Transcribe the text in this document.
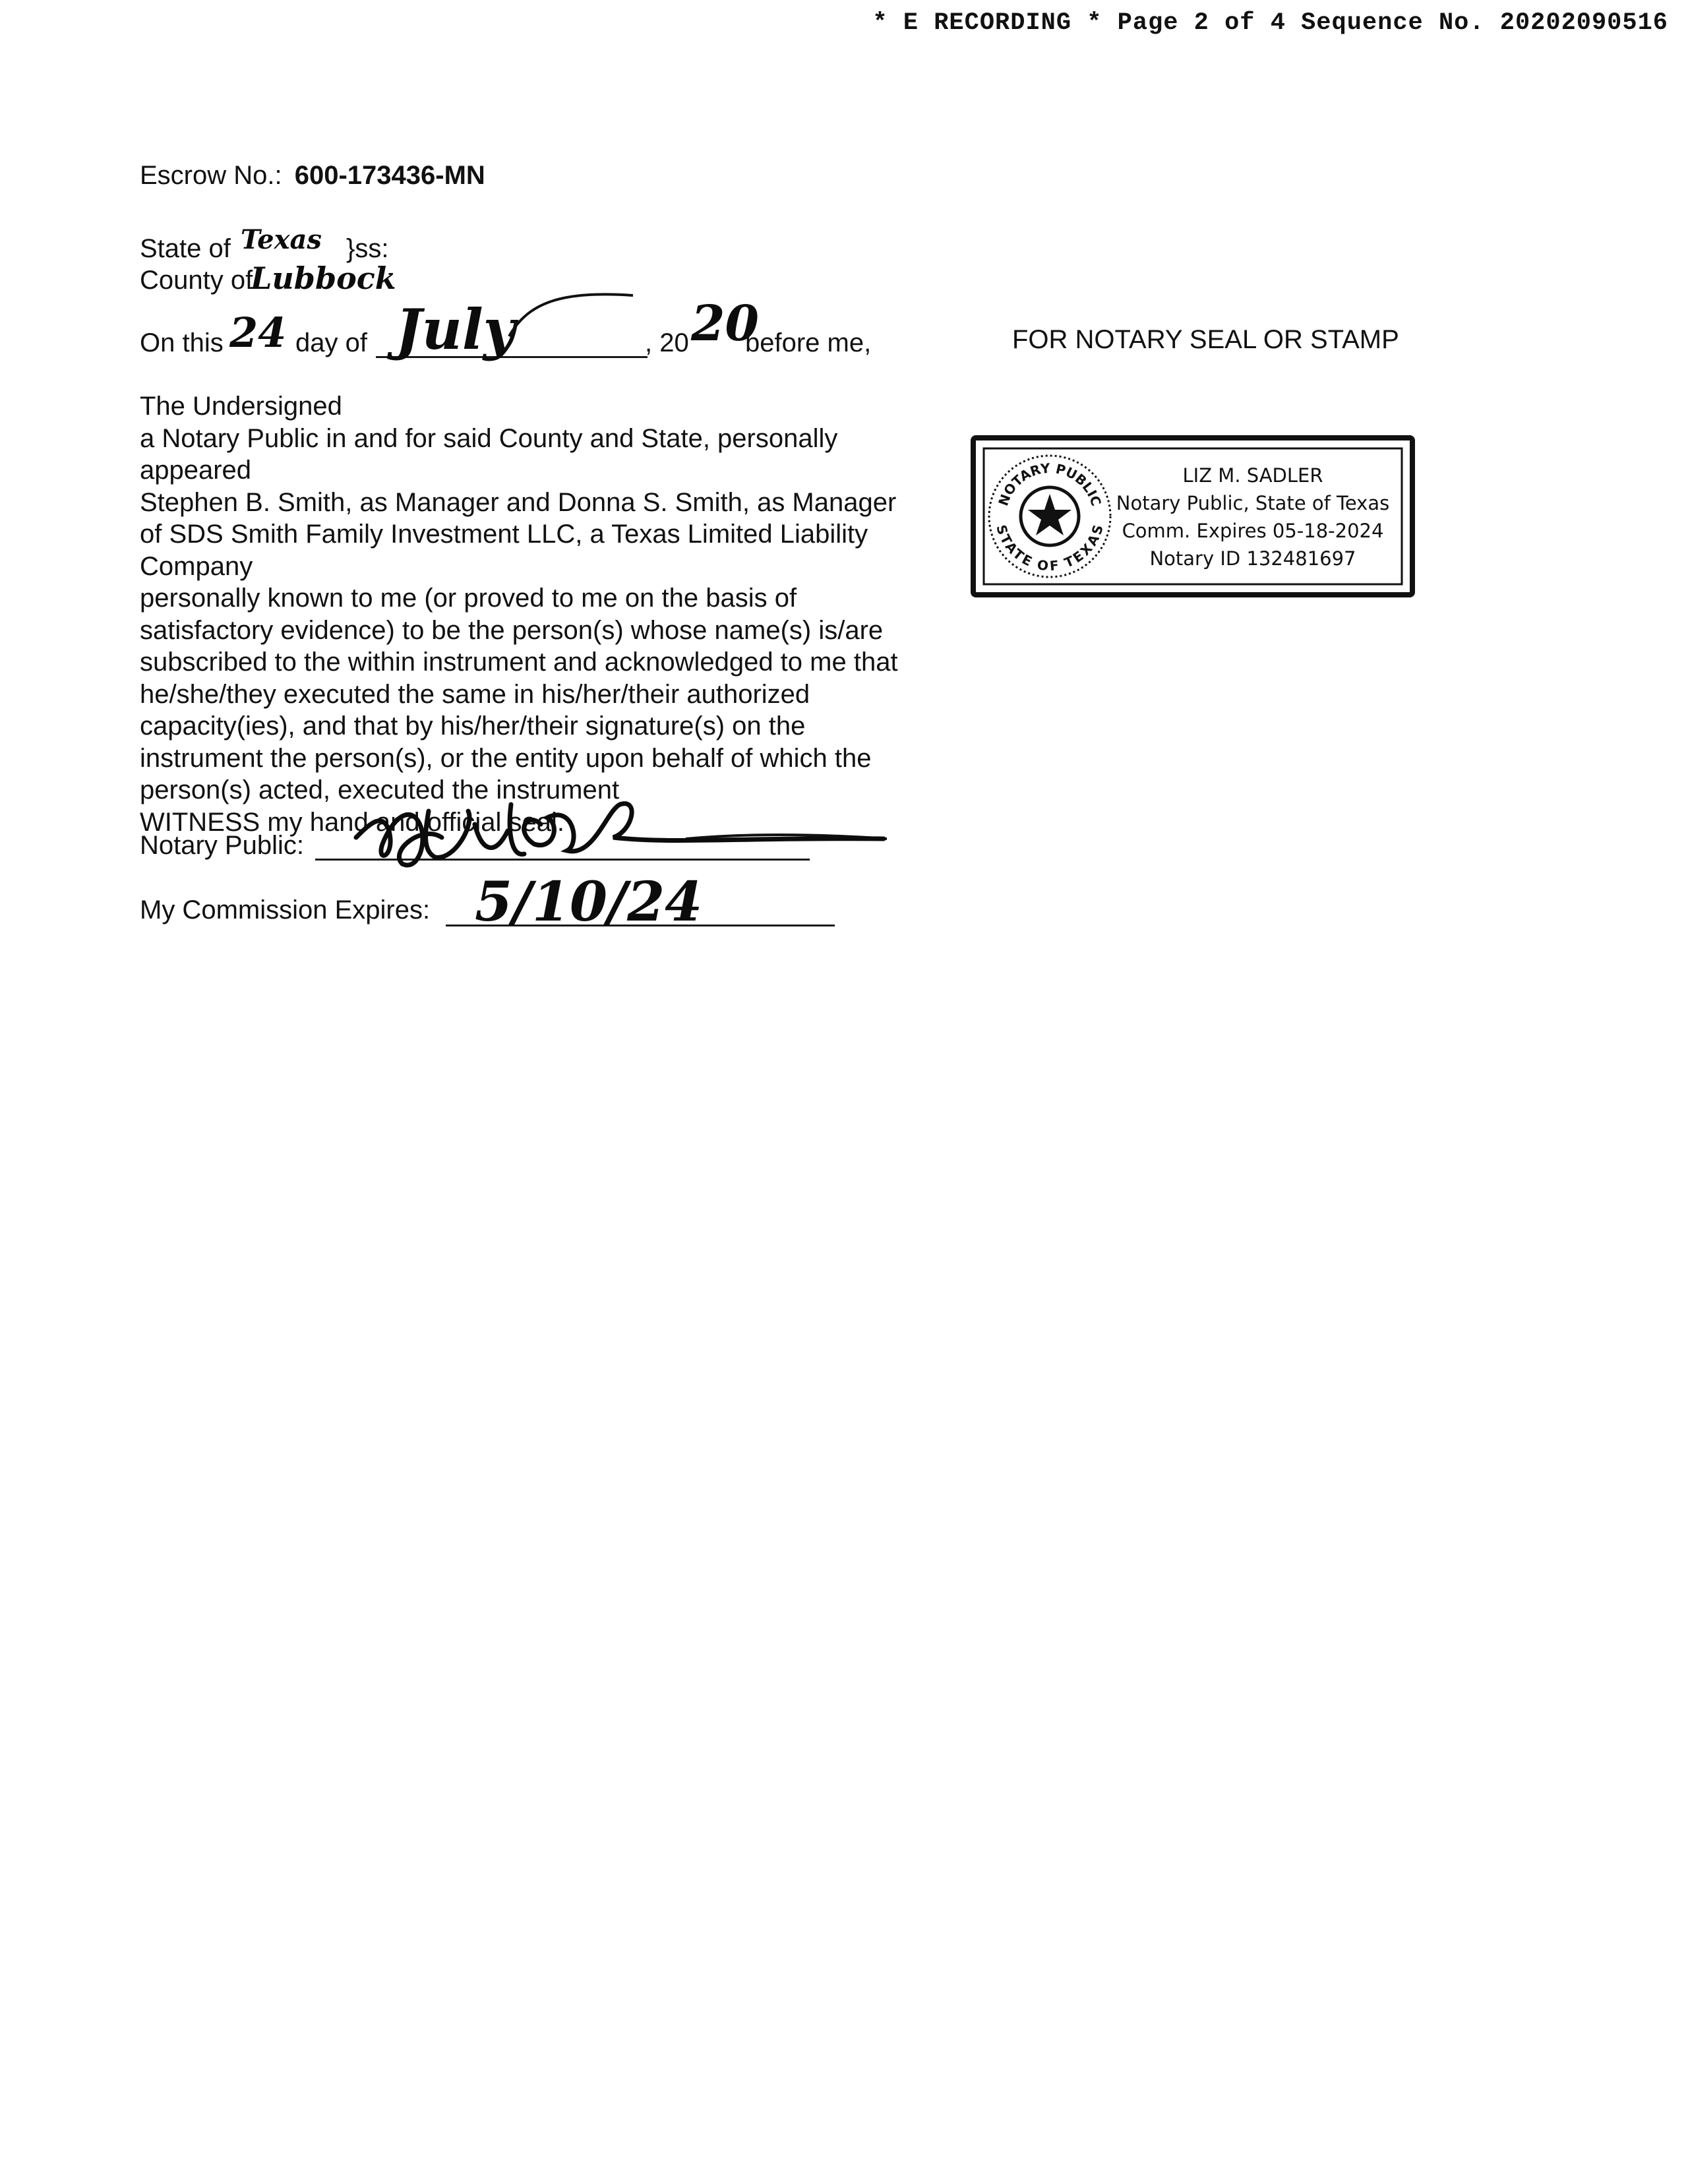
* E RECORDING * Page 2 of 4 Sequence No. 20202090516
Escrow No.: 600-173436-MN
State of Texas }ss:
County of
Lubbock
On this 24 day of July	, 20 20
before me,
The Undersigned
a Notary Public in and for said County and State, personally
appeared
Stephen B. Smith, as Manager and Donna S. Smith, as Manager
of SDS Smith Family Investment LLC, a Texas Limited Liability
Company
personally known to me (or proved to me on the basis of
satisfactory evidence) to be the person(s) whose name(s) is/are
subscribed to the within instrument and acknowledged to me that
he/she/they executed the same in his/her/their authorized
capacity(ies), and that by his/her/their signature(s) on the
instrument the person(s), or the entity upon behalf of which the
person(s) acted, executed the instrument
WITNESS my hand and official seal.
Notary Public:
My Commission Expires: 5/10/24
FOR NOTARY SEAL OR STAMP
NOTARY PUBLIC
STATE OF TEXAS
LIZ M. SADLER
Notary Public, State of Texas
Comm. Expires 05-18-2024
Notary ID 132481697
